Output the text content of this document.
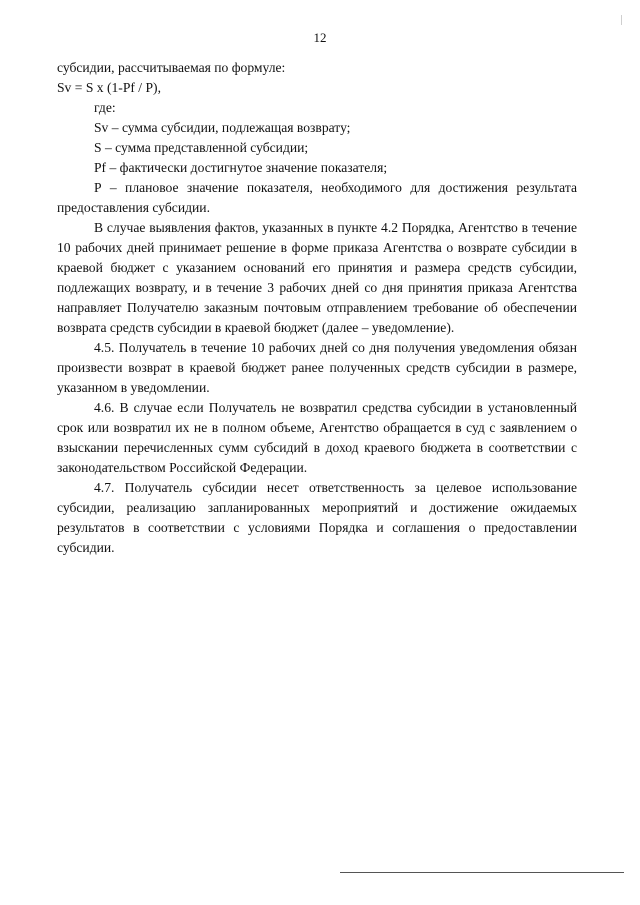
12

субсидии, рассчитываемая по формуле:

Sv = S x (1-Pf / P),

где:

Sv – сумма субсидии, подлежащая возврату;

S – сумма представленной субсидии;

Pf – фактически достигнутое значение показателя;

Р – плановое значение показателя, необходимого для достижения результата предоставления субсидии.

В случае выявления фактов, указанных в пункте 4.2 Порядка, Агентство в течение 10 рабочих дней принимает решение в форме приказа Агентства о возврате субсидии в краевой бюджет с указанием оснований его принятия и размера средств субсидии, подлежащих возврату, и в течение 3 рабочих дней со дня принятия приказа Агентства направляет Получателю заказным почтовым отправлением требование об обеспечении возврата средств субсидии в краевой бюджет (далее – уведомление).

4.5. Получатель в течение 10 рабочих дней со дня получения уведомления обязан произвести возврат в краевой бюджет ранее полученных средств субсидии в размере, указанном в уведомлении.

4.6. В случае если Получатель не возвратил средства субсидии в установленный срок или возвратил их не в полном объеме, Агентство обращается в суд с заявлением о взыскании перечисленных сумм субсидий в доход краевого бюджета в соответствии с законодательством Российской Федерации.

4.7. Получатель субсидии несет ответственность за целевое использование субсидии, реализацию запланированных мероприятий и достижение ожидаемых результатов в соответствии с условиями Порядка и соглашения о предоставлении субсидии.
